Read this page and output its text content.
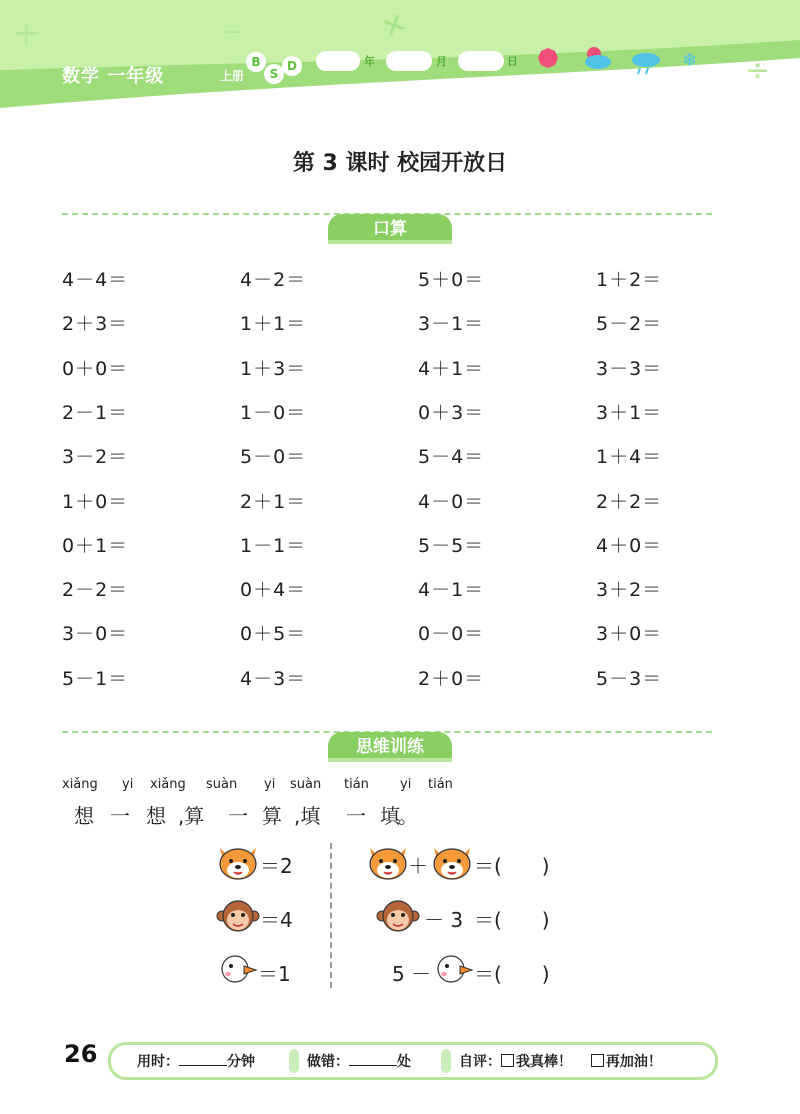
+	+
÷
−
数学 一年级	上册
B
S
D	年	月	日	❄
第 3 课时 校园开放日
口算
4－4＝	4－2＝	5＋0＝	1＋2＝
2＋3＝	1＋1＝	3－1＝	5－2＝
0＋0＝	1＋3＝	4＋1＝	3－3＝
2－1＝	1－0＝	0＋3＝	3＋1＝
3－2＝	5－0＝	5－4＝	1＋4＝
1＋0＝	2＋1＝	4－0＝	2＋2＝
0＋1＝	1－1＝	5－5＝	4＋0＝
2－2＝	0＋4＝	4－1＝	3＋2＝
3－0＝	0＋5＝	0－0＝	3＋0＝
5－1＝	4－3＝	2＋0＝	5－3＝
思维训练
xiǎng yi xiǎng suàn yi suàn tián yi tián
想 一 想 ,算 一 算 ,填 一 填
。
＝2
＝4
＝1
＋ ＝(　　)
－ 3 ＝(　　)
5 － ＝(　　)
26	用时：	分钟	做错：	处	自评： 我真棒！ 再加油！
